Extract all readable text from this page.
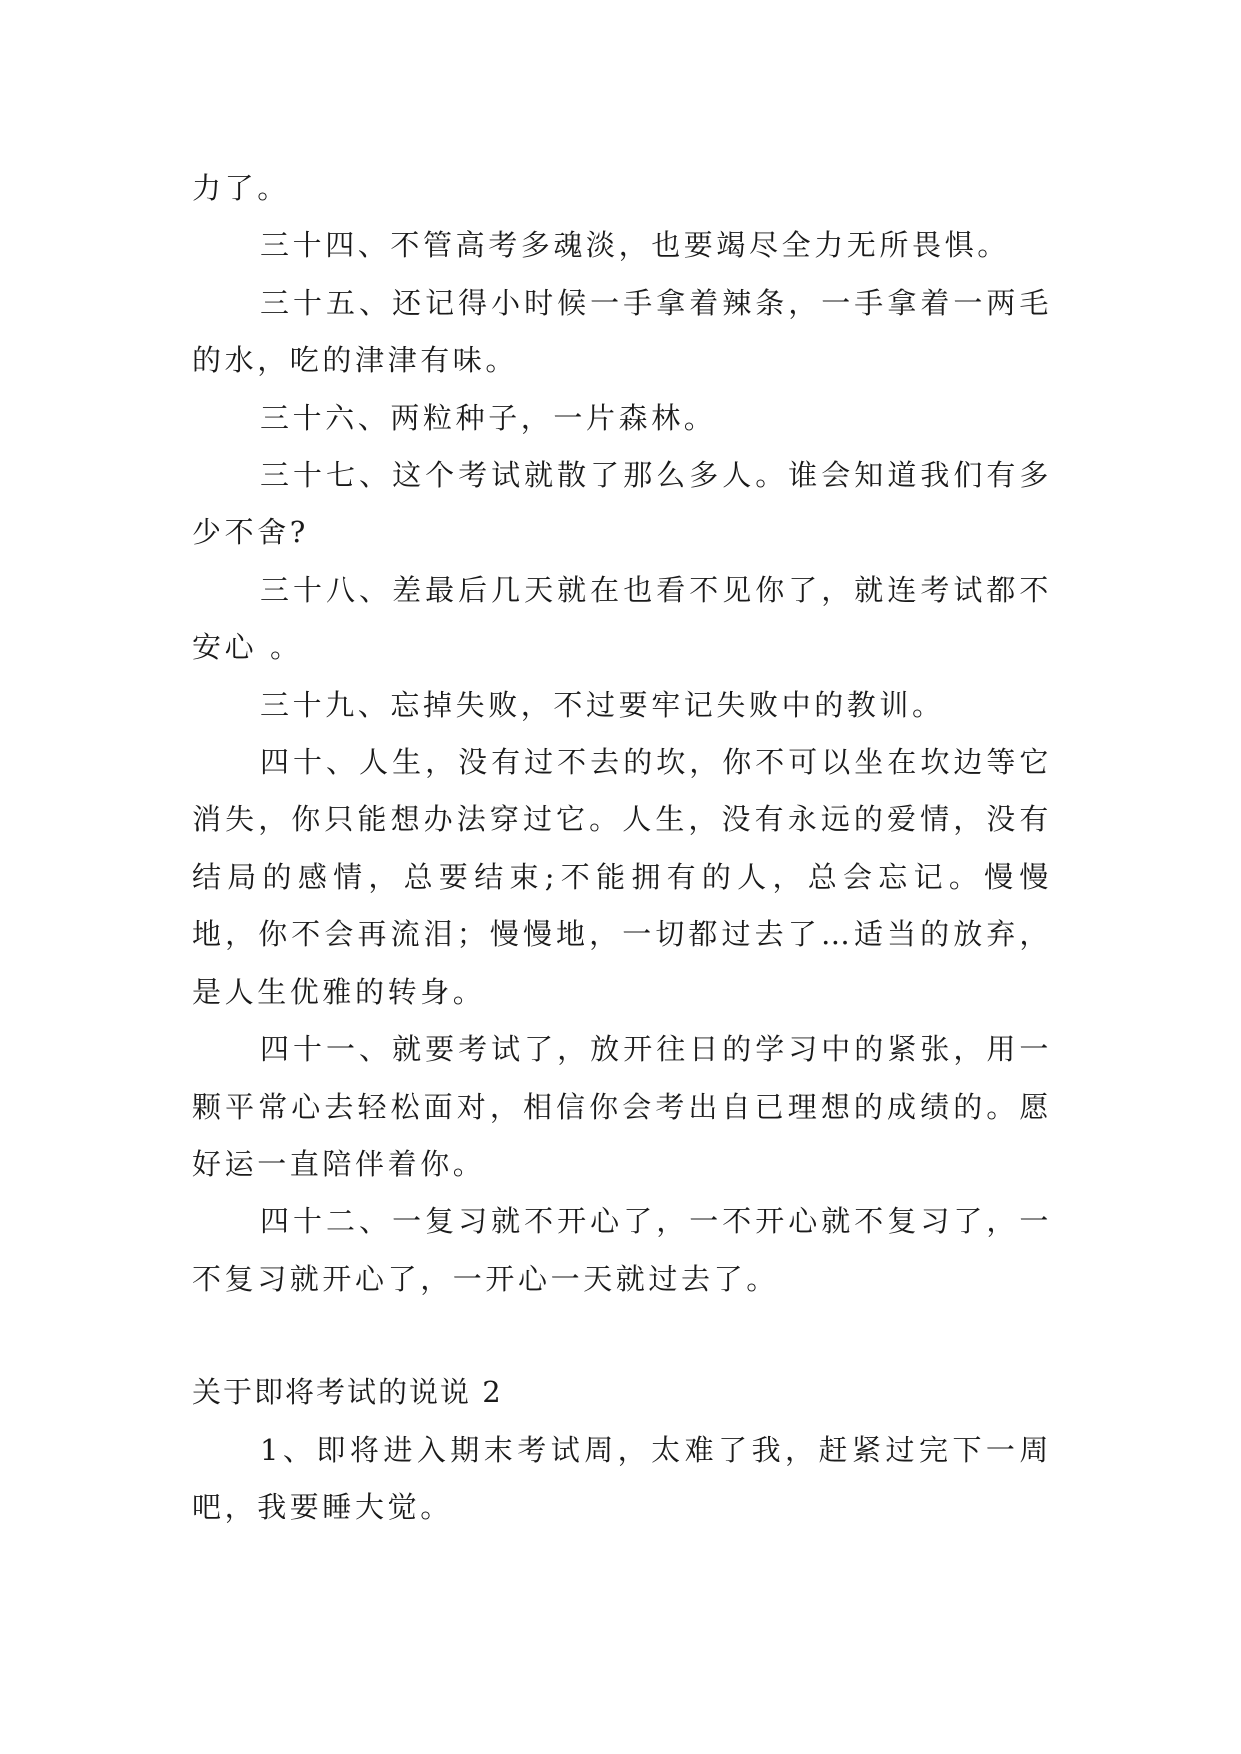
力了。

三十四、不管高考多魂淡，也要竭尽全力无所畏惧。

三十五、还记得小时候一手拿着辣条，一手拿着一两毛的水，吃的津津有味。

三十六、两粒种子，一片森林。

三十七、这个考试就散了那么多人。谁会知道我们有多少不舍?

三十八、差最后几天就在也看不见你了，就连考试都不安心 。

三十九、忘掉失败，不过要牢记失败中的教训。

四十、人生，没有过不去的坎，你不可以坐在坎边等它消失，你只能想办法穿过它。人生，没有永远的爱情，没有结局的感情，总要结束;不能拥有的人，总会忘记。慢慢地，你不会再流泪；慢慢地，一切都过去了…适当的放弃，是人生优雅的转身。

四十一、就要考试了，放开往日的学习中的紧张，用一颗平常心去轻松面对，相信你会考出自已理想的成绩的。愿好运一直陪伴着你。

四十二、一复习就不开心了，一不开心就不复习了，一不复习就开心了，一开心一天就过去了。

关于即将考试的说说 2

1、即将进入期末考试周，太难了我，赶紧过完下一周吧，我要睡大觉。
